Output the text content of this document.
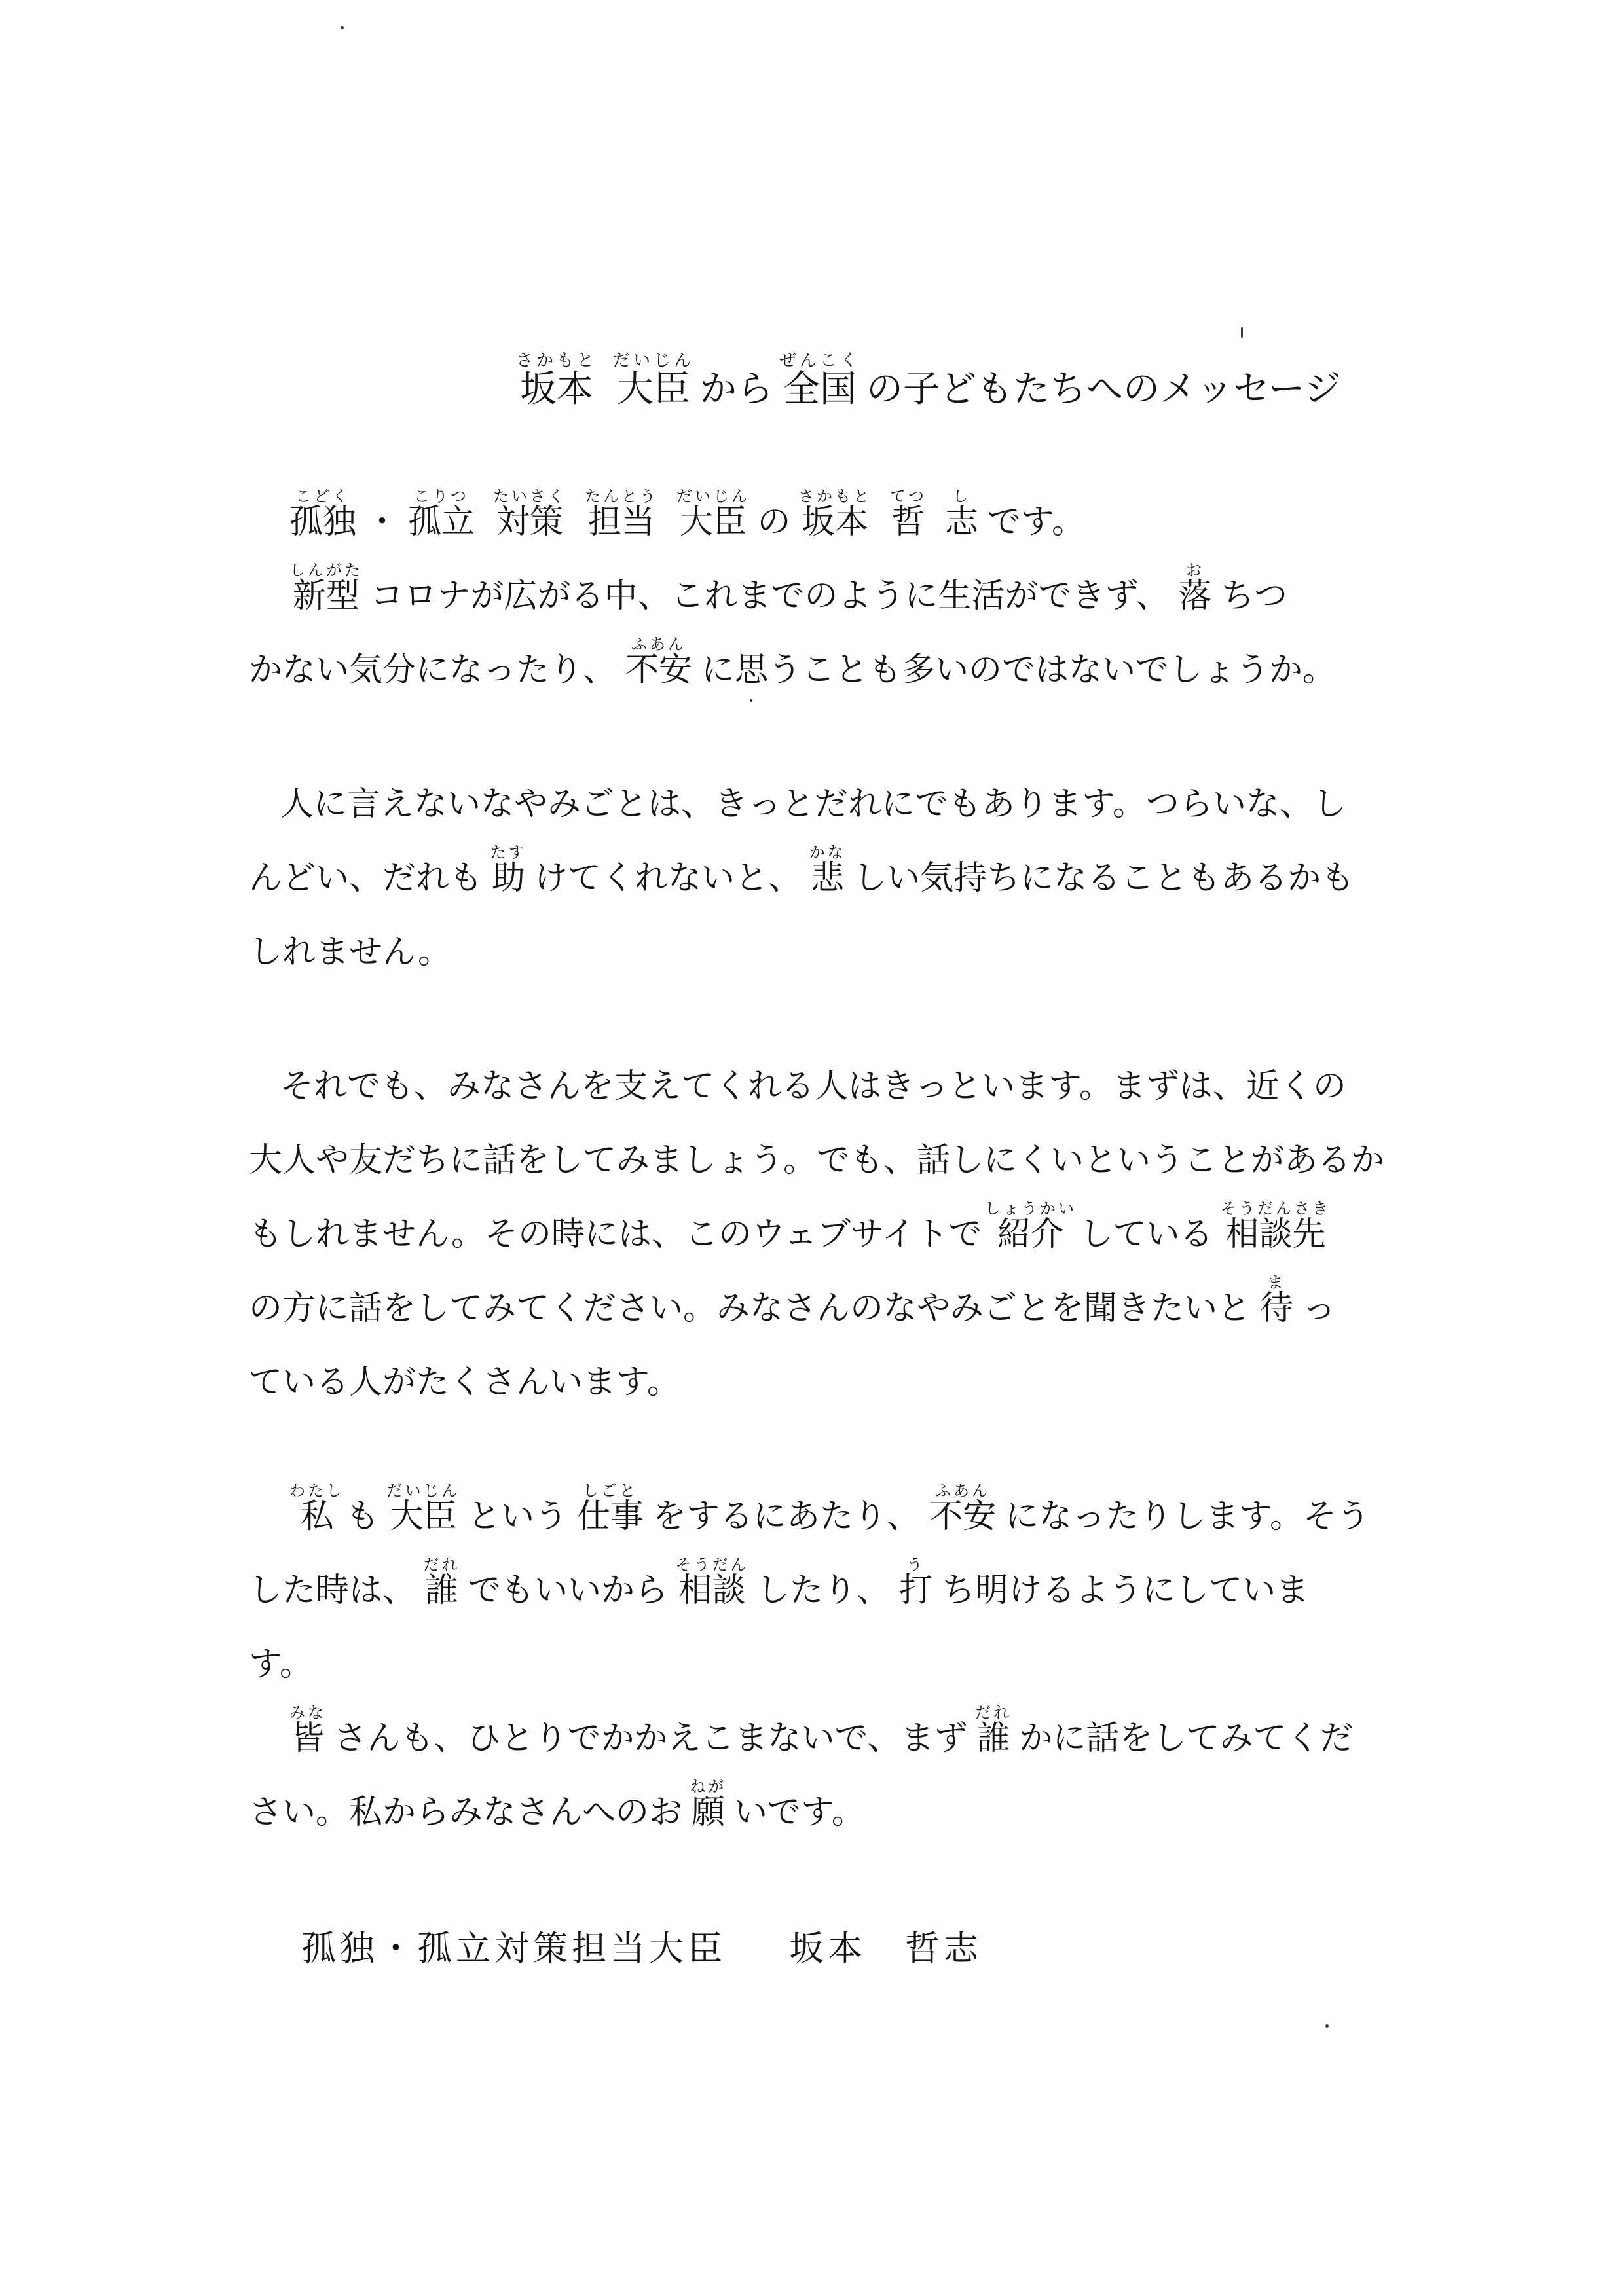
坂本さかもと大臣だいじんから 全国ぜんこくの子どもたちへのメッセージ
孤独こどく・ 孤立こりつ対策たいさく担当たんとう大臣だいじんの 坂本さかもと哲てつ志しです。
新型しんがたコロナが広がる中、これまでのように生活ができず、 落おちつ
かない気分になったり、 不安ふあんに思うことも多いのではないでしょうか。
人に言えないなやみごとは、きっとだれにでもあります。つらいな、し
んどい、だれも 助たすけてくれないと、 悲かなしい気持ちになることもあるかも
しれません。
それでも、みなさんを支えてくれる人はきっといます。まずは、近くの
大人や友だちに話をしてみましょう。でも、話しにくいということがあるか
もしれません。その時には、このウェブサイトで紹介しょうかいしている 相談先そうだんさき
の方に話をしてみてください。みなさんのなやみごとを聞きたいと 待まっ
ている人がたくさんいます。
私わたしも 大臣だいじんという 仕事しごとをするにあたり、 不安ふあんになったりします。そう
した時は、 誰だれでもいいから 相談そうだんしたり、 打うち明けるようにしていま
す。
皆みなさんも、ひとりでかかえこまないで、まず 誰だれかに話をしてみてくだ
さい。私からみなさんへのお 願ねがいです。
孤独・孤立対策担当大臣 坂本　哲志
